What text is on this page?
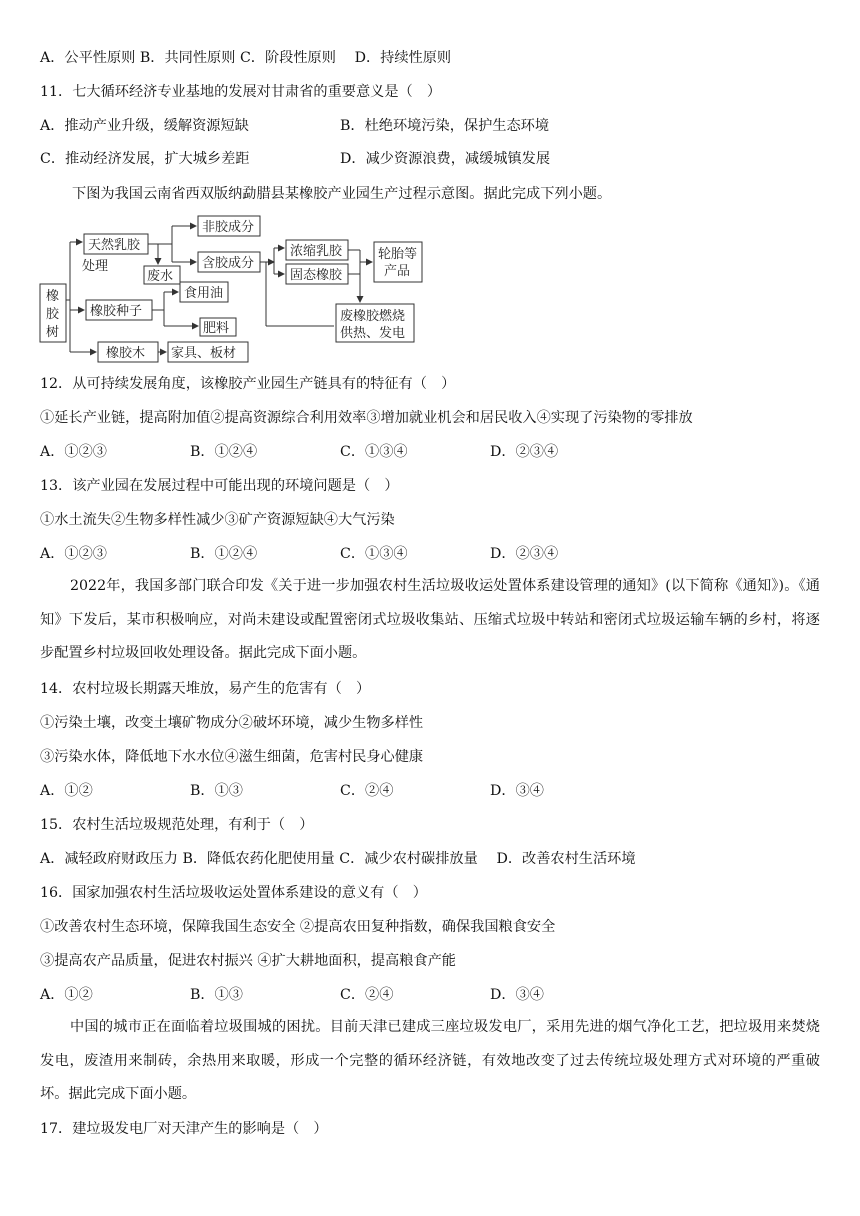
A．公平性原则 B．共同性原则 C．阶段性原则　 D．持续性原则
11．七大循环经济专业基地的发展对甘肃省的重要意义是（　）
A．推动产业升级，缓解资源短缺	B．杜绝环境污染，保护生态环境
C．推动经济发展，扩大城乡差距	D．减少资源浪费，减缓城镇发展
下图为我国云南省西双版纳勐腊县某橡胶产业园生产过程示意图。据此完成下列小题。
橡
胶
树
天然乳胶
处理
非胶成分
废水
含胶成分
浓缩乳胶
固态橡胶
轮胎等
产品
废橡胶燃烧
供热、发电
橡胶种子
食用油
肥料
橡胶木 家具、板材
12．从可持续发展角度，该橡胶产业园生产链具有的特征有（　）
①延长产业链，提高附加值②提高资源综合利用效率③增加就业机会和居民收入④实现了污染物的零排放
A．①②③	B．①②④	C．①③④	D．②③④
13．该产业园在发展过程中可能出现的环境问题是（　）
①水土流失②生物多样性减少③矿产资源短缺④大气污染
A．①②③	B．①②④	C．①③④	D．②③④
2022年，我国多部门联合印发《关于进一步加强农村生活垃圾收运处置体系建设管理的通知》(以下简称《通知》)。《通知》下发后，某市积极响应，对尚未建设或配置密闭式垃圾收集站、压缩式垃圾中转站和密闭式垃圾运输车辆的乡村，将逐步配置乡村垃圾回收处理设备。据此完成下面小题。
14．农村垃圾长期露天堆放，易产生的危害有（　）
①污染土壤，改变土壤矿物成分②破坏环境，减少生物多样性
③污染水体，降低地下水水位④滋生细菌，危害村民身心健康
A．①②	B．①③	C．②④	D．③④
15．农村生活垃圾规范处理，有利于（　）
A．减轻政府财政压力 B．降低农药化肥使用量 C．减少农村碳排放量　 D．改善农村生活环境
16．国家加强农村生活垃圾收运处置体系建设的意义有（　）
①改善农村生态环境，保障我国生态安全 ②提高农田复种指数，确保我国粮食安全
③提高农产品质量，促进农村振兴 ④扩大耕地面积，提高粮食产能
A．①②	B．①③	C．②④	D．③④
中国的城市正在面临着垃圾围城的困扰。目前天津已建成三座垃圾发电厂，采用先进的烟气净化工艺，把垃圾用来焚烧发电，废渣用来制砖，余热用来取暖，形成一个完整的循环经济链，有效地改变了过去传统垃圾处理方式对环境的严重破坏。据此完成下面小题。
17．建垃圾发电厂对天津产生的影响是（　）
